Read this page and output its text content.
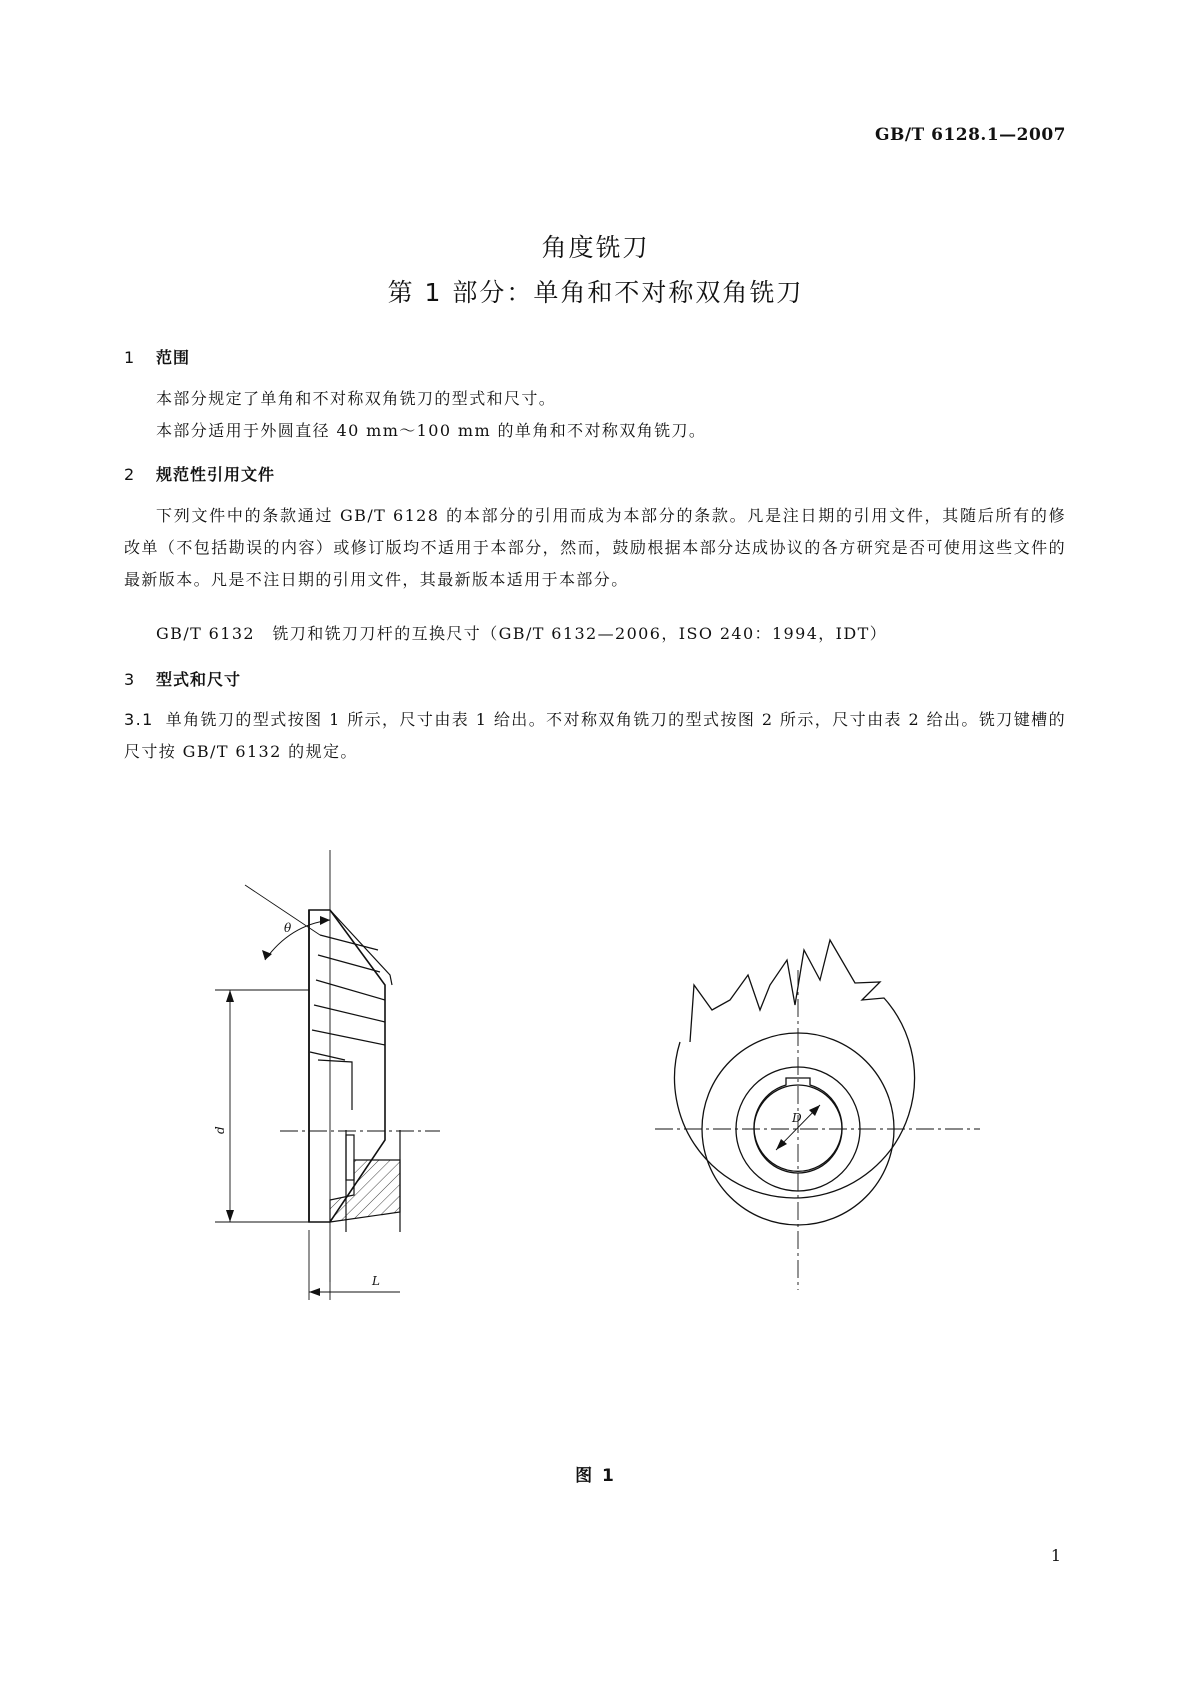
GB/T 6128.1—2007
角度铣刀
第 1 部分：单角和不对称双角铣刀
1 范围
本部分规定了单角和不对称双角铣刀的型式和尺寸。
本部分适用于外圆直径 40 mm～100 mm 的单角和不对称双角铣刀。
2 规范性引用文件
下列文件中的条款通过 GB/T 6128 的本部分的引用而成为本部分的条款。凡是注日期的引用文件，其随后所有的修改单（不包括勘误的内容）或修订版均不适用于本部分，然而，鼓励根据本部分达成协议的各方研究是否可使用这些文件的最新版本。凡是不注日期的引用文件，其最新版本适用于本部分。
GB/T 6132　铣刀和铣刀刀杆的互换尺寸（GB/T 6132—2006，ISO 240：1994，IDT）
3 型式和尺寸
3.1 单角铣刀的型式按图 1 所示，尺寸由表 1 给出。不对称双角铣刀的型式按图 2 所示，尺寸由表 2 给出。铣刀键槽的尺寸按 GB/T 6132 的规定。
θ
d
L
D
图 1
1
